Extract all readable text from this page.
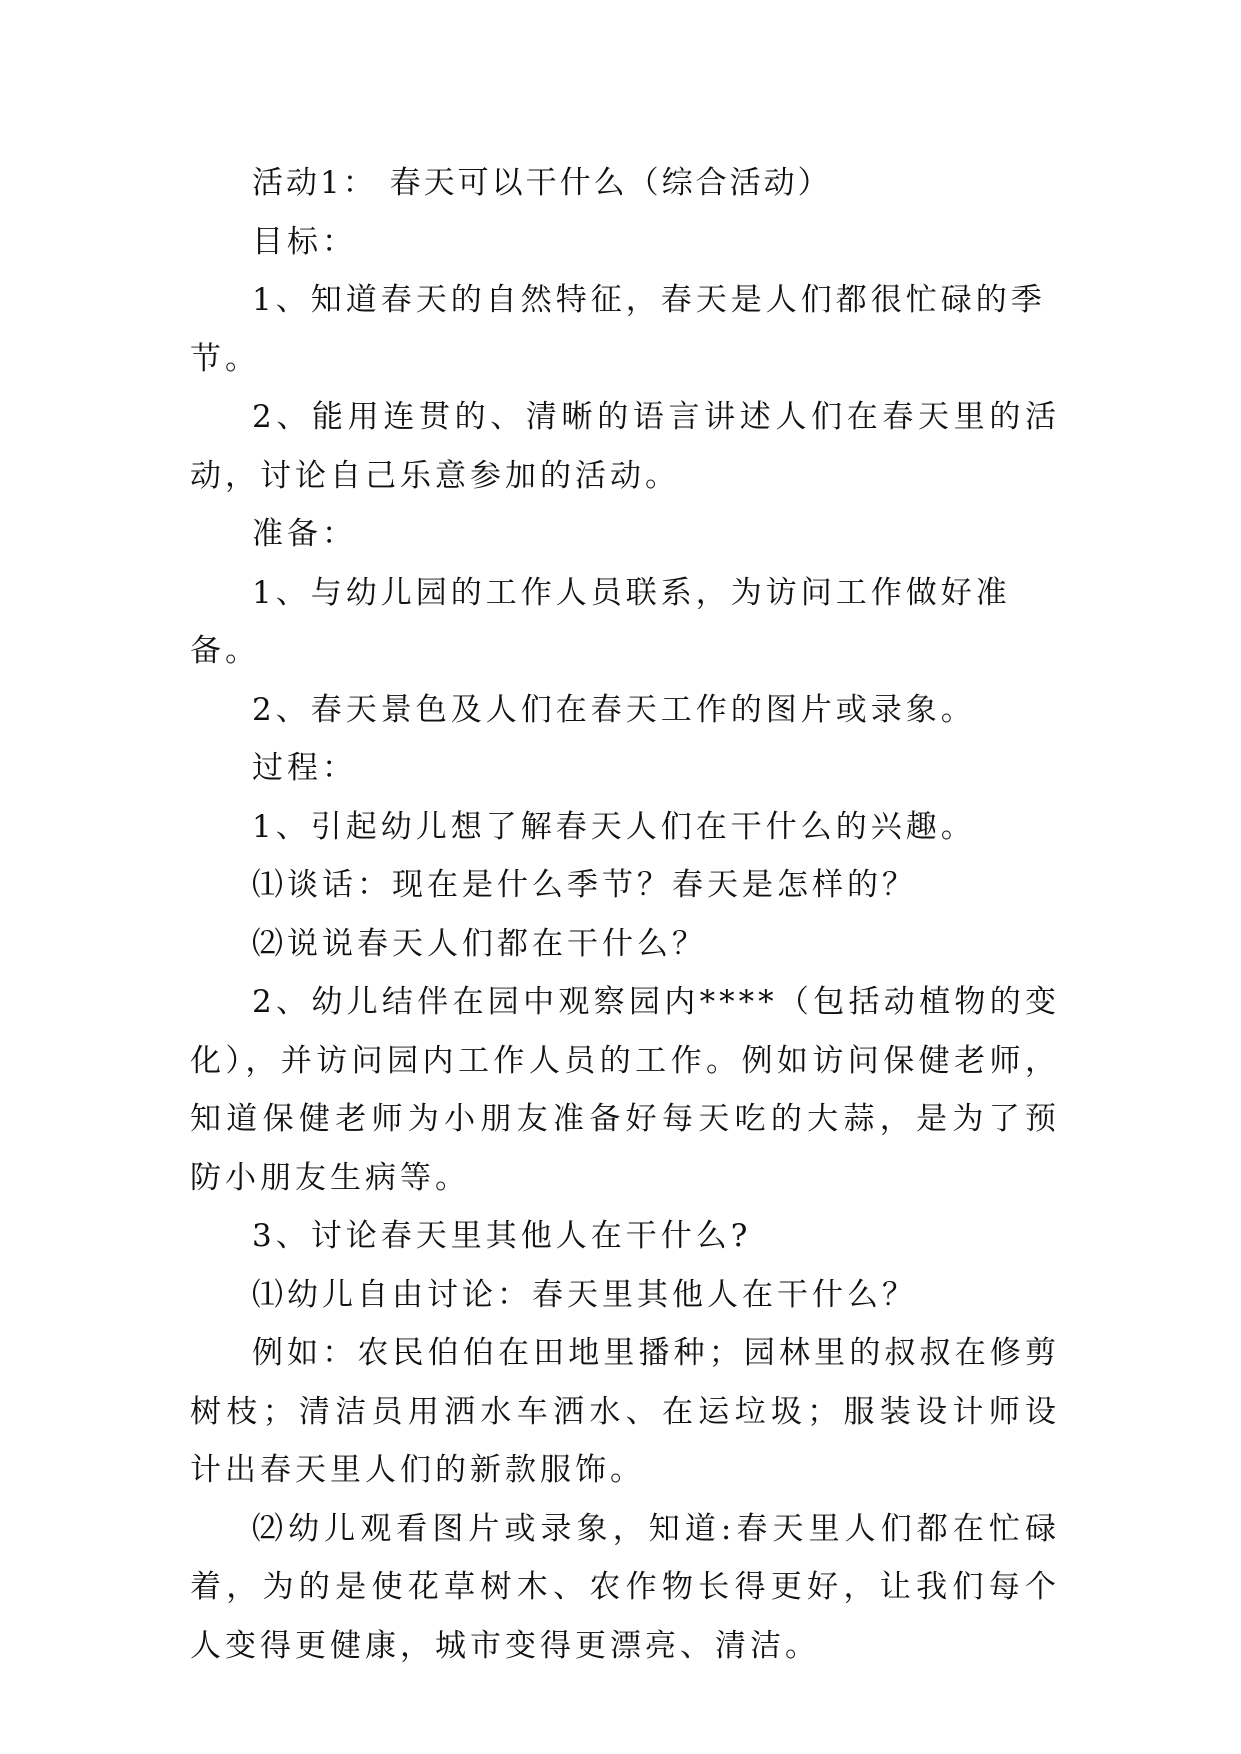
活动1： 春天可以干什么（综合活动）

目标：

1、知道春天的自然特征，春天是人们都很忙碌的季节。

2、能用连贯的、清晰的语言讲述人们在春天里的活动，讨论自己乐意参加的活动。

准备：

1、与幼儿园的工作人员联系，为访问工作做好准备。

2、春天景色及人们在春天工作的图片或录象。

过程：

1、引起幼儿想了解春天人们在干什么的兴趣。

⑴谈话：现在是什么季节？春天是怎样的？

⑵说说春天人们都在干什么？

2、幼儿结伴在园中观察园内****（包括动植物的变化），并访问园内工作人员的工作。例如访问保健老师，知道保健老师为小朋友准备好每天吃的大蒜，是为了预防小朋友生病等。

3、讨论春天里其他人在干什么?

⑴幼儿自由讨论：春天里其他人在干什么？

例如：农民伯伯在田地里播种；园林里的叔叔在修剪树枝；清洁员用洒水车洒水、在运垃圾；服装设计师设计出春天里人们的新款服饰。

⑵幼儿观看图片或录象，知道:春天里人们都在忙碌着，为的是使花草树木、农作物长得更好，让我们每个人变得更健康，城市变得更漂亮、清洁。
